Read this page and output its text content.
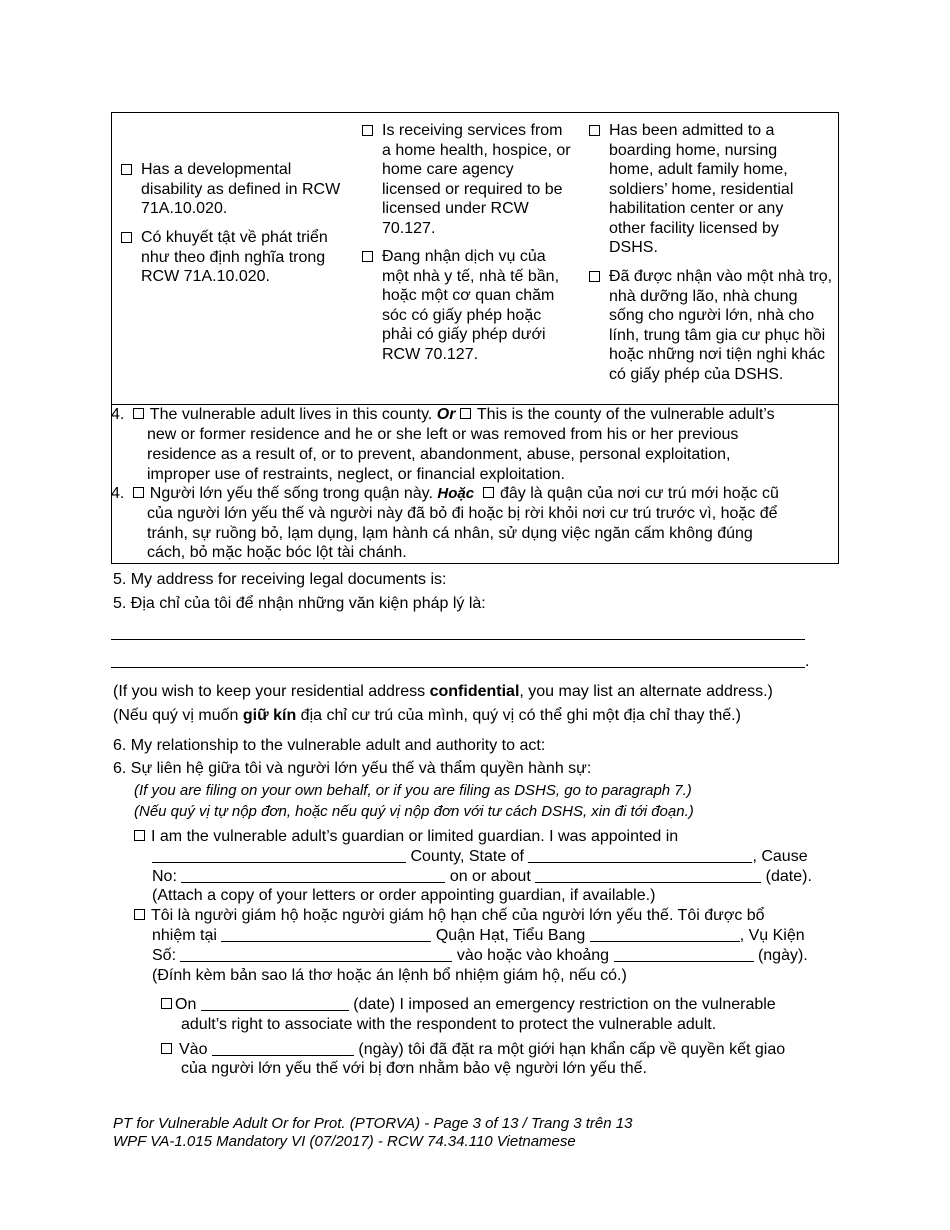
Has a developmental disability as defined in RCW 71A.10.020.
Có khuyết tật về phát triển như theo định nghĩa trong RCW 71A.10.020.
Is receiving services from a home health, hospice, or home care agency licensed or required to be licensed under RCW 70.127.
Đang nhận dịch vụ của một nhà y tế, nhà tế bần, hoặc một cơ quan chăm sóc có giấy phép hoặc phải có giấy phép dưới RCW 70.127.
Has been admitted to a boarding home, nursing home, adult family home, soldiers’ home, residential habilitation center or any other facility licensed by DSHS.
Đã được nhận vào một nhà trọ, nhà dưỡng lão, nhà chung sống cho người lớn, nhà cho lính, trung tâm gia cư phục hồi hoặc những nơi tiện nghi khác có giấy phép của DSHS.
4. The vulnerable adult lives in this county. Or This is the county of the vulnerable adult’s
new or former residence and he or she left or was removed from his or her previous
residence as a result of, or to prevent, abandonment, abuse, personal exploitation,
improper use of restraints, neglect, or financial exploitation.
4. Người lớn yếu thế sống trong quận này. Hoặc đây là quận của nơi cư trú mới hoặc cũ
của người lớn yếu thế và người này đã bỏ đi hoặc bị rời khỏi nơi cư trú trước vì, hoặc để
tránh, sự ruồng bỏ, lạm dụng, lạm hành cá nhân, sử dụng việc ngăn cấm không đúng
cách, bỏ mặc hoặc bóc lột tài chánh.
5. My address for receiving legal documents is:
5. Địa chỉ của tôi để nhận những văn kiện pháp lý là:
.
(If you wish to keep your residential address confidential, you may list an alternate address.)
(Nếu quý vị muốn giữ kín địa chỉ cư trú của mình, quý vị có thể ghi một địa chỉ thay thế.)
6. My relationship to the vulnerable adult and authority to act:
6. Sự liên hệ giữa tôi và người lớn yếu thế và thẩm quyền hành sự:
(If you are filing on your own behalf, or if you are filing as DSHS, go to paragraph 7.)
(Nếu quý vị tự nộp đơn, hoặc nếu quý vị nộp đơn với tư cách DSHS, xin đi tới đoạn.)
I am the vulnerable adult’s guardian or limited guardian. I was appointed in
County, State of	, Cause
No:	on or about	(date).
(Attach a copy of your letters or order appointing guardian, if available.)
Tôi là người giám hộ hoặc người giám hộ hạn chế của người lớn yếu thế. Tôi được bổ
nhiệm tại	Quận Hạt, Tiểu Bang	, Vụ Kiện
Số:	vào hoặc vào khoảng	(ngày).
(Đính kèm bản sao lá thơ hoặc án lệnh bổ nhiệm giám hộ, nếu có.)
On	(date) I imposed an emergency restriction on the vulnerable
adult’s right to associate with the respondent to protect the vulnerable adult.
Vào	(ngày) tôi đã đặt ra một giới hạn khẩn cấp về quyền kết giao
của người lớn yếu thế với bị đơn nhằm bảo vệ người lớn yếu thế.
PT for Vulnerable Adult Or for Prot. (PTORVA) - Page 3 of 13 / Trang 3 trên 13
WPF VA-1.015 Mandatory VI (07/2017) - RCW 74.34.110 Vietnamese
